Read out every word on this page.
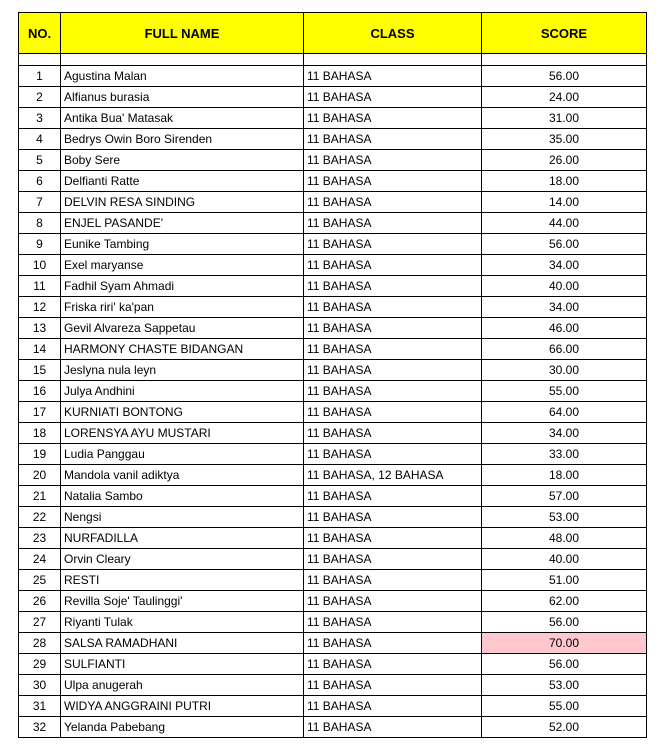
NO.	FULL NAME	CLASS	SCORE

1	Agustina Malan	11 BAHASA	56.00
2	Alfianus burasia	11 BAHASA	24.00
3	Antika Bua' Matasak	11 BAHASA	31.00
4	Bedrys Owin Boro Sirenden	11 BAHASA	35.00
5	Boby Sere	11 BAHASA	26.00
6	Delfianti Ratte	11 BAHASA	18.00
7	DELVIN RESA SINDING	11 BAHASA	14.00
8	ENJEL PASANDE'	11 BAHASA	44.00
9	Eunike Tambing	11 BAHASA	56.00
10	Exel maryanse	11 BAHASA	34.00
11	Fadhil Syam Ahmadi	11 BAHASA	40.00
12	Friska riri' ka'pan	11 BAHASA	34.00
13	Gevil Alvareza Sappetau	11 BAHASA	46.00
14	HARMONY CHASTE BIDANGAN	11 BAHASA	66.00
15	Jeslyna nula leyn	11 BAHASA	30.00
16	Julya Andhini	11 BAHASA	55.00
17	KURNIATI BONTONG	11 BAHASA	64.00
18	LORENSYA AYU MUSTARI	11 BAHASA	34.00
19	Ludia Panggau	11 BAHASA	33.00
20	Mandola vanil adiktya	11 BAHASA, 12 BAHASA	18.00
21	Natalia Sambo	11 BAHASA	57.00
22	Nengsi	11 BAHASA	53.00
23	NURFADILLA	11 BAHASA	48.00
24	Orvin Cleary	11 BAHASA	40.00
25	RESTI	11 BAHASA	51.00
26	Revilla Soje' Taulinggi'	11 BAHASA	62.00
27	Riyanti Tulak	11 BAHASA	56.00
28	SALSA RAMADHANI	11 BAHASA	70.00
29	SULFIANTI	11 BAHASA	56.00
30	Ulpa anugerah	11 BAHASA	53.00
31	WIDYA ANGGRAINI PUTRI	11 BAHASA	55.00
32	Yelanda Pabebang	11 BAHASA	52.00
